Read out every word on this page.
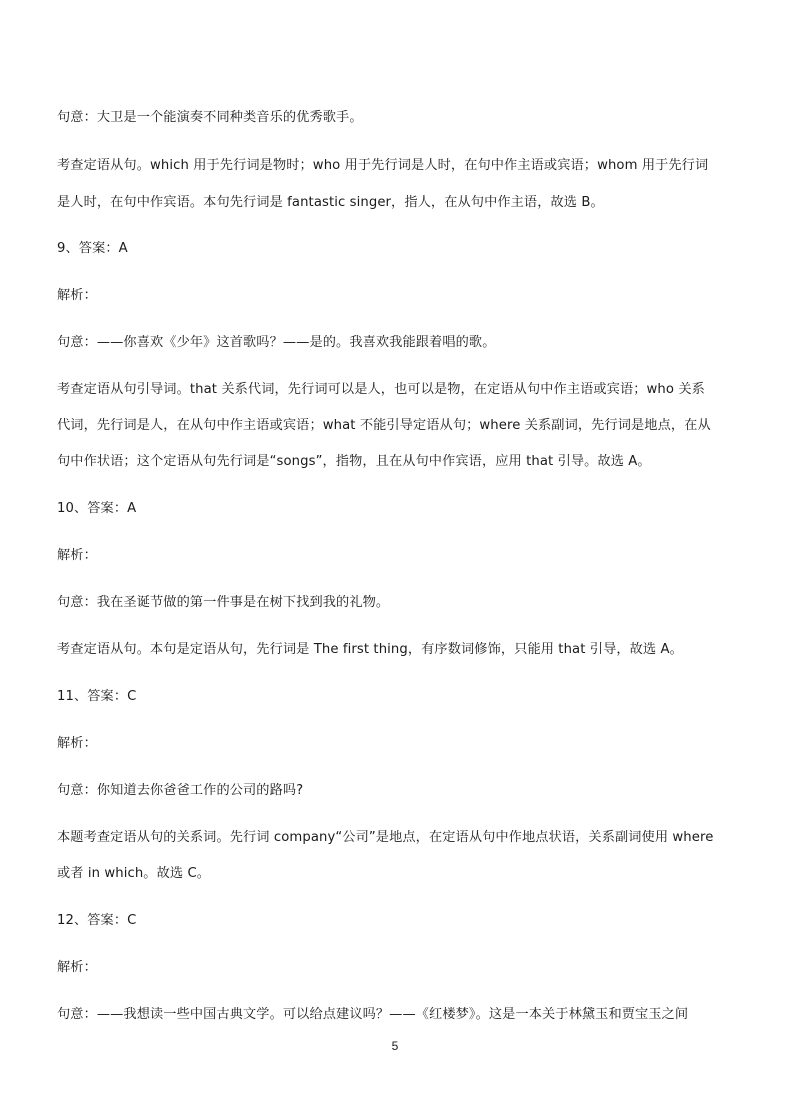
句意：大卫是一个能演奏不同种类音乐的优秀歌手。
考查定语从句。which 用于先行词是物时；who 用于先行词是人时，在句中作主语或宾语；whom 用于先行词
是人时，在句中作宾语。本句先行词是 fantastic singer，指人，在从句中作主语，故选 B。
9、答案：A
解析：
句意：——你喜欢《少年》这首歌吗？——是的。我喜欢我能跟着唱的歌。
考查定语从句引导词。that 关系代词，先行词可以是人，也可以是物，在定语从句中作主语或宾语；who 关系
代词，先行词是人，在从句中作主语或宾语；what 不能引导定语从句；where 关系副词，先行词是地点，在从
句中作状语；这个定语从句先行词是“songs”，指物，且在从句中作宾语，应用 that 引导。故选 A。
10、答案：A
解析：
句意：我在圣诞节做的第一件事是在树下找到我的礼物。
考查定语从句。本句是定语从句，先行词是 The first thing，有序数词修饰，只能用 that 引导，故选 A。
11、答案：C
解析：
句意：你知道去你爸爸工作的公司的路吗?
本题考查定语从句的关系词。先行词 company“公司”是地点，在定语从句中作地点状语，关系副词使用 where
或者 in which。故选 C。
12、答案：C
解析：
句意：——我想读一些中国古典文学。可以给点建议吗？——《红楼梦》。这是一本关于林黛玉和贾宝玉之间
5
